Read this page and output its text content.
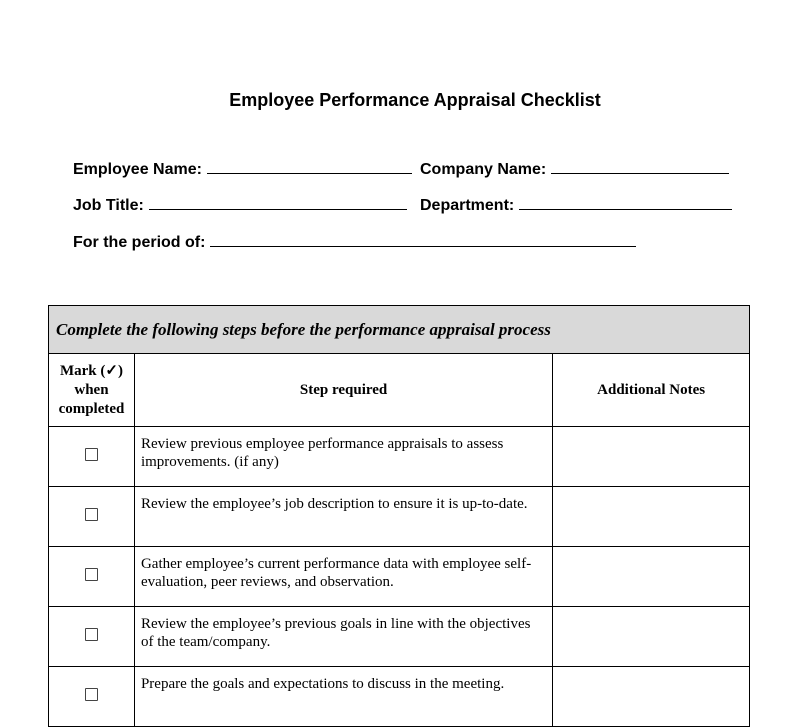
Employee Performance Appraisal Checklist
Employee Name:	Company Name:
Job Title:	Department:
For the period of:
Complete the following steps before the performance appraisal process		
Mark (✓) when completed	Step required	Additional Notes
	Review previous employee performance appraisals to assess improvements. (if any)	
	Review the employee’s job description to ensure it is up-to-date.	
	Gather employee’s current performance data with employee self-evaluation, peer reviews, and observation.	
	Review the employee’s previous goals in line with the objectives of the team/company.	
	Prepare the goals and expectations to discuss in the meeting.	
